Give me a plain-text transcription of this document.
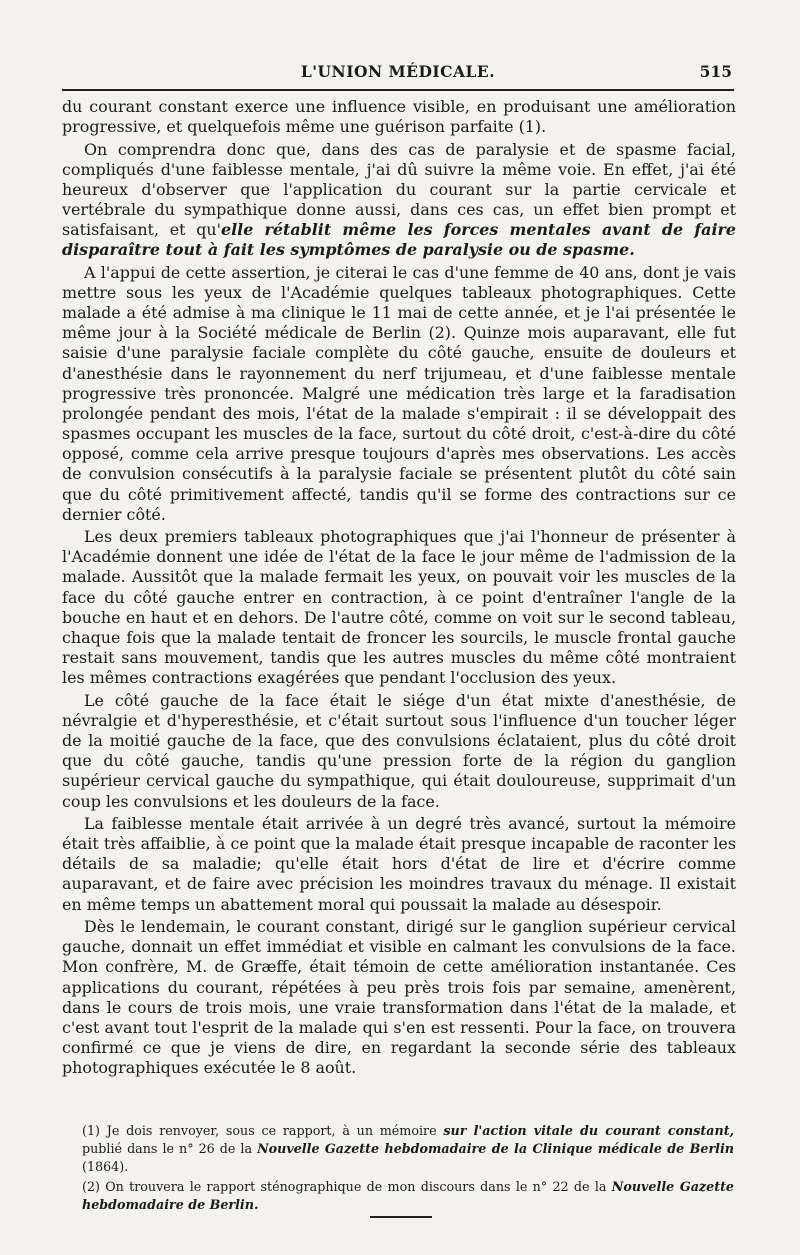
L'UNION MÉDICALE.	515

du courant constant exerce une influence visible, en produisant une amélioration progressive, et quelquefois même une guérison parfaite (1).

On comprendra donc que, dans des cas de paralysie et de spasme facial, compliqués d'une faiblesse mentale, j'ai dû suivre la même voie. En effet, j'ai été heureux d'observer que l'application du courant sur la partie cervicale et vertébrale du sympathique donne aussi, dans ces cas, un effet bien prompt et satisfaisant, et qu'elle rétablit même les forces mentales avant de faire disparaître tout à fait les symptômes de paralysie ou de spasme.

A l'appui de cette assertion, je citerai le cas d'une femme de 40 ans, dont je vais mettre sous les yeux de l'Académie quelques tableaux photographiques. Cette malade a été admise à ma clinique le 11 mai de cette année, et je l'ai présentée le même jour à la Société médicale de Berlin (2). Quinze mois auparavant, elle fut saisie d'une paralysie faciale complète du côté gauche, ensuite de douleurs et d'anesthésie dans le rayonnement du nerf trijumeau, et d'une faiblesse mentale progressive très prononcée. Malgré une médication très large et la faradisation prolongée pendant des mois, l'état de la malade s'empirait : il se développait des spasmes occupant les muscles de la face, surtout du côté droit, c'est-à-dire du côté opposé, comme cela arrive presque toujours d'après mes observations. Les accès de convulsion consécutifs à la paralysie faciale se présentent plutôt du côté sain que du côté primitivement affecté, tandis qu'il se forme des contractions sur ce dernier côté.

Les deux premiers tableaux photographiques que j'ai l'honneur de présenter à l'Académie donnent une idée de l'état de la face le jour même de l'admission de la malade. Aussitôt que la malade fermait les yeux, on pouvait voir les muscles de la face du côté gauche entrer en contraction, à ce point d'entraîner l'angle de la bouche en haut et en dehors. De l'autre côté, comme on voit sur le second tableau, chaque fois que la malade tentait de froncer les sourcils, le muscle frontal gauche restait sans mouvement, tandis que les autres muscles du même côté montraient les mêmes contractions exagérées que pendant l'occlusion des yeux.

Le côté gauche de la face était le siége d'un état mixte d'anesthésie, de névralgie et d'hyperesthésie, et c'était surtout sous l'influence d'un toucher léger de la moitié gauche de la face, que des convulsions éclataient, plus du côté droit que du côté gauche, tandis qu'une pression forte de la région du ganglion supérieur cervical gauche du sympathique, qui était douloureuse, supprimait d'un coup les convulsions et les douleurs de la face.

La faiblesse mentale était arrivée à un degré très avancé, surtout la mémoire était très affaiblie, à ce point que la malade était presque incapable de raconter les détails de sa maladie; qu'elle était hors d'état de lire et d'écrire comme auparavant, et de faire avec précision les moindres travaux du ménage. Il existait en même temps un abattement moral qui poussait la malade au désespoir.

Dès le lendemain, le courant constant, dirigé sur le ganglion supérieur cervical gauche, donnait un effet immédiat et visible en calmant les convulsions de la face. Mon confrère, M. de Græffe, était témoin de cette amélioration instantanée. Ces applications du courant, répétées à peu près trois fois par semaine, amenèrent, dans le cours de trois mois, une vraie transformation dans l'état de la malade, et c'est avant tout l'esprit de la malade qui s'en est ressenti. Pour la face, on trouvera confirmé ce que je viens de dire, en regardant la seconde série des tableaux photographiques exécutée le 8 août.

(1) Je dois renvoyer, sous ce rapport, à un mémoire sur l'action vitale du courant constant, publié dans le n° 26 de la Nouvelle Gazette hebdomadaire de la Clinique médicale de Berlin (1864).

(2) On trouvera le rapport sténographique de mon discours dans le n° 22 de la Nouvelle Gazette hebdomadaire de Berlin.
